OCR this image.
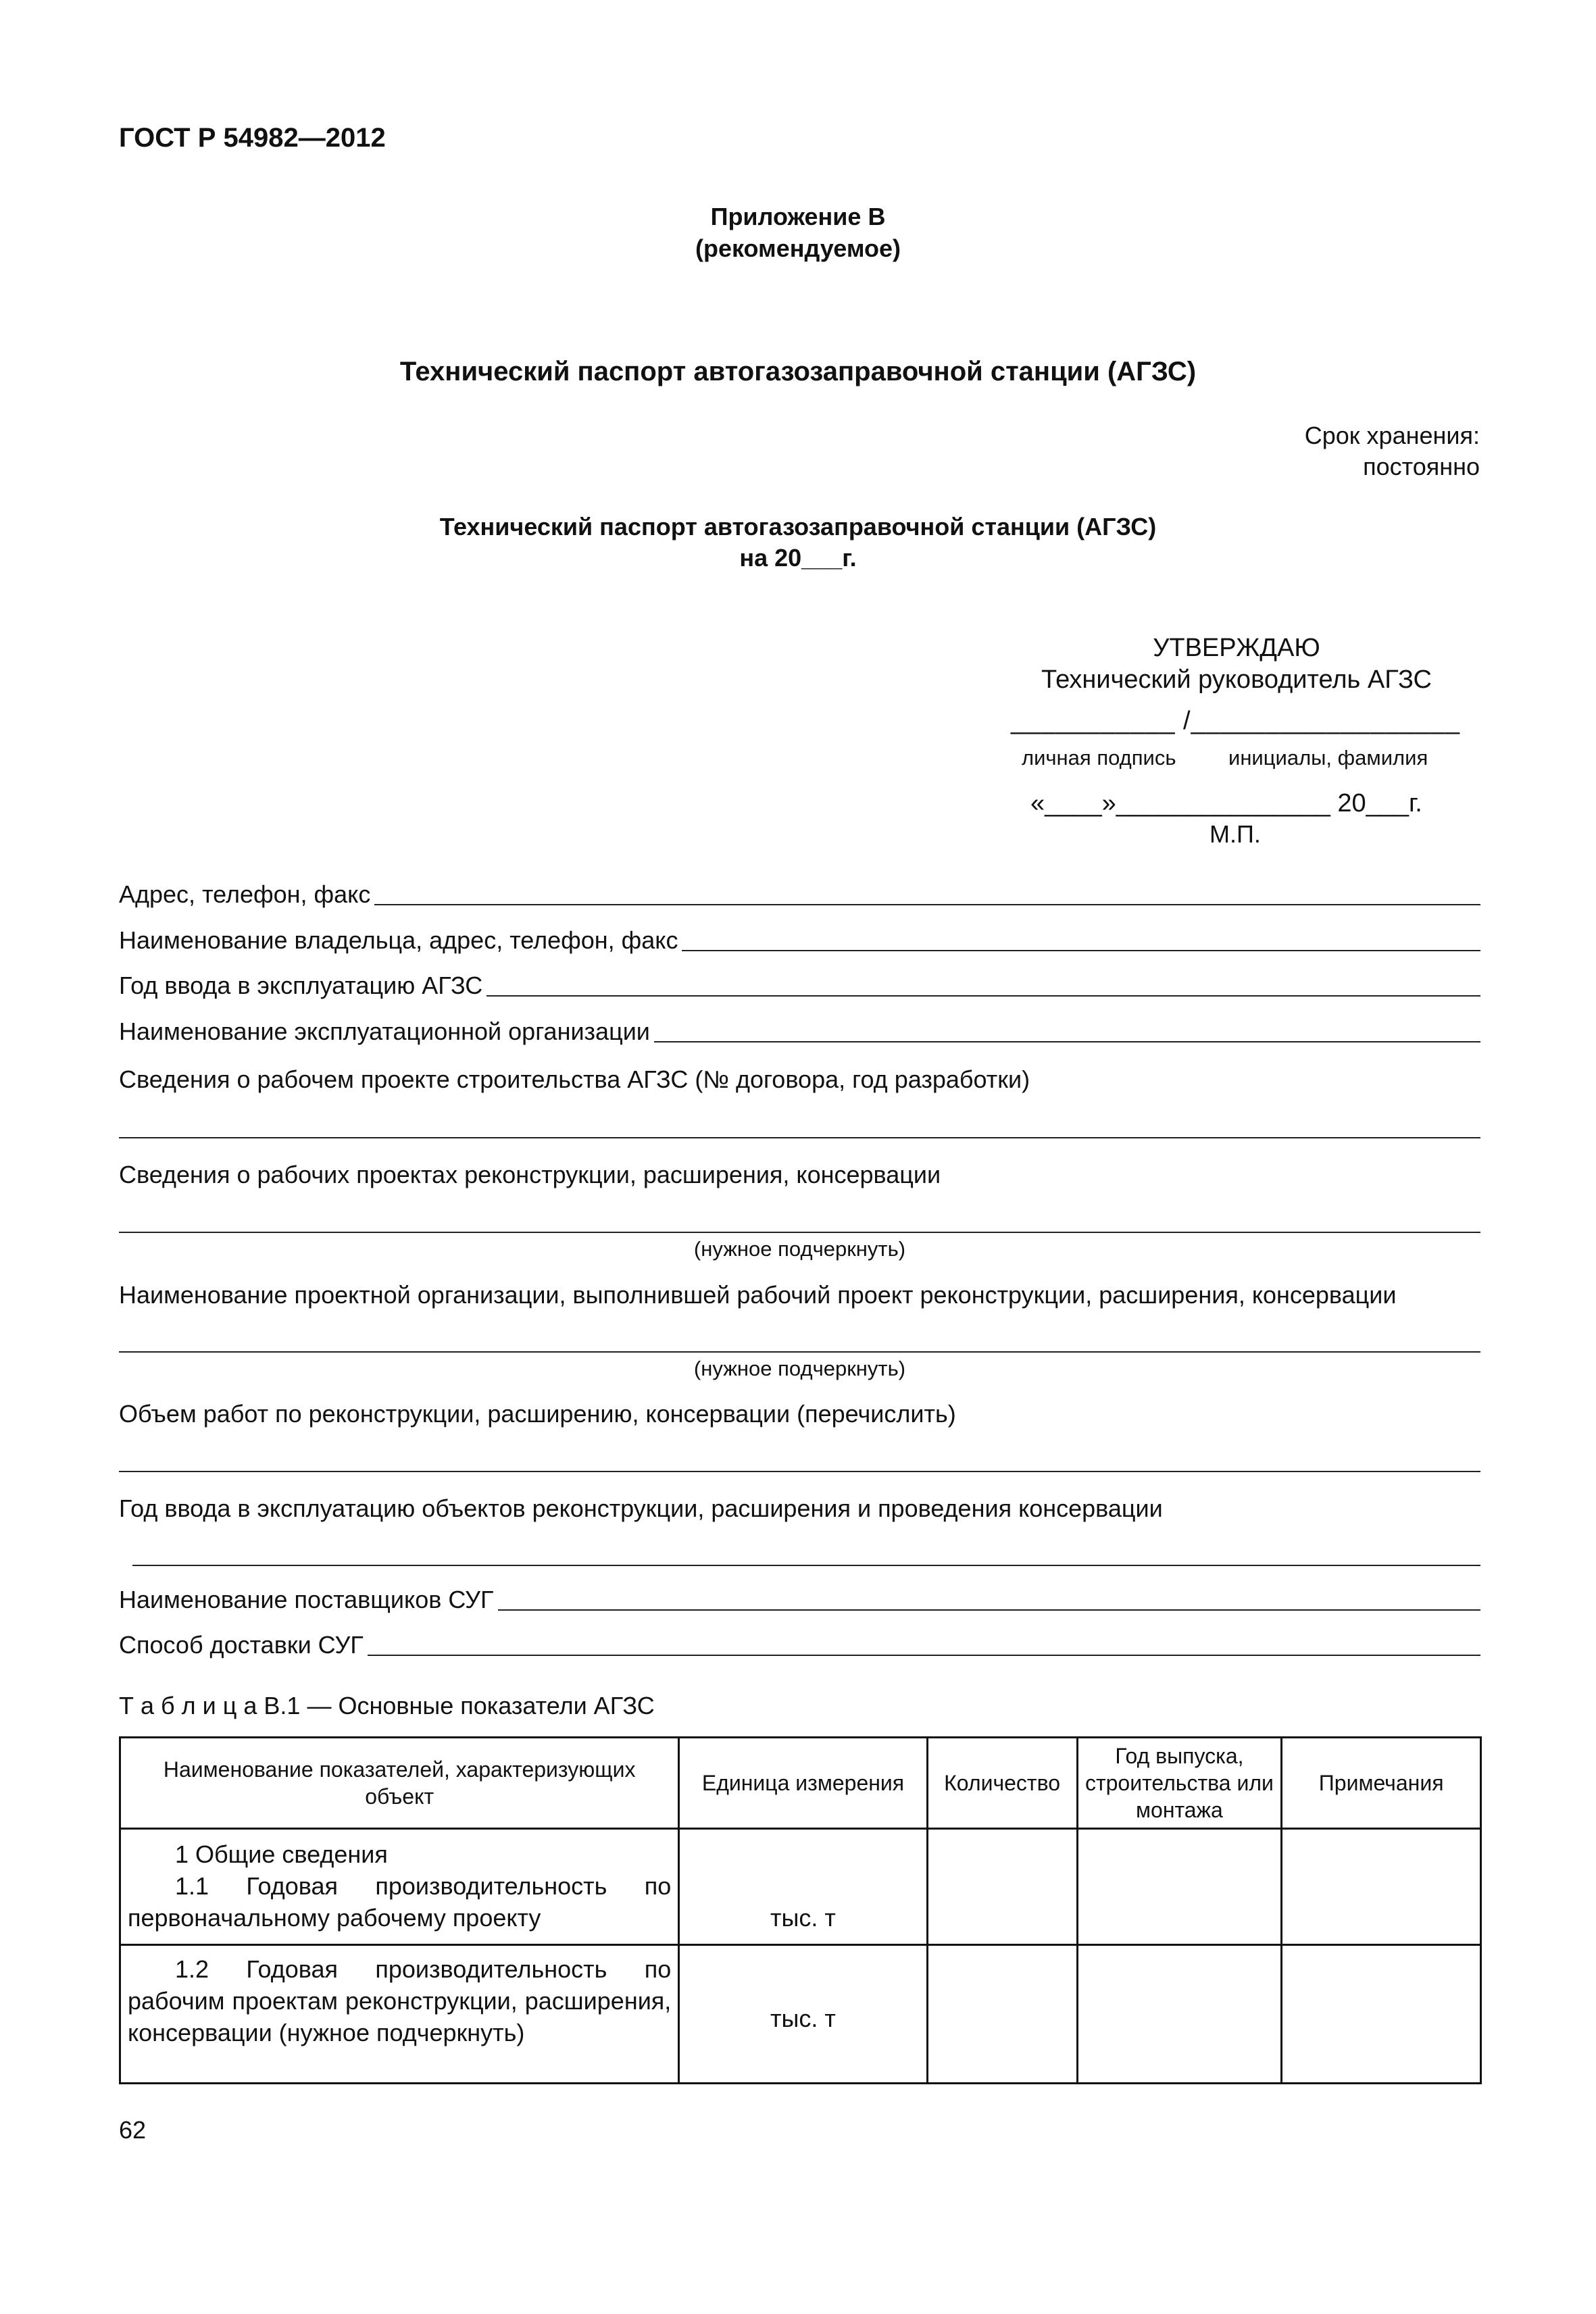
ГОСТ Р 54982—2012
Приложение В
(рекомендуемое)
Технический паспорт автогазозаправочной станции (АГЗС)
Срок хранения:
постоянно
Технический паспорт автогазозаправочной станции (АГЗС)
на 20___г.
УТВЕРЖДАЮ
Технический руководитель АГЗС
___________ /__________________
личная подпись инициалы, фамилия
«____»_______________ 20___г.
М.П.
Адрес, телефон, факс
Наименование владельца, адрес, телефон, факс
Год ввода в эксплуатацию АГЗС
Наименование эксплуатационной организации
Сведения о рабочем проекте строительства АГЗС (№ договора, год разработки)
Сведения о рабочих проектах реконструкции, расширения, консервации
(нужное подчеркнуть)
Наименование проектной организации, выполнившей рабочий проект реконструкции, расширения, консервации
(нужное подчеркнуть)
Объем работ по реконструкции, расширению, консервации (перечислить)
Год ввода в эксплуатацию объектов реконструкции, расширения и проведения консервации
Наименование поставщиков СУГ
Способ доставки СУГ
Т а б л и ц а В.1 — Основные показатели АГЗС
Наименование показателей, характеризующих объект	Единица измерения	Количество	Год выпуска, строительства или монтажа	Примечания

1 Общие сведения

1.1 Годовая производительность по первоначальному рабочему проекту	тыс. т			

1.2 Годовая производительность по рабочим проектам реконструкции, расширения, консервации (нужное подчеркнуть)	тыс. т			
62
